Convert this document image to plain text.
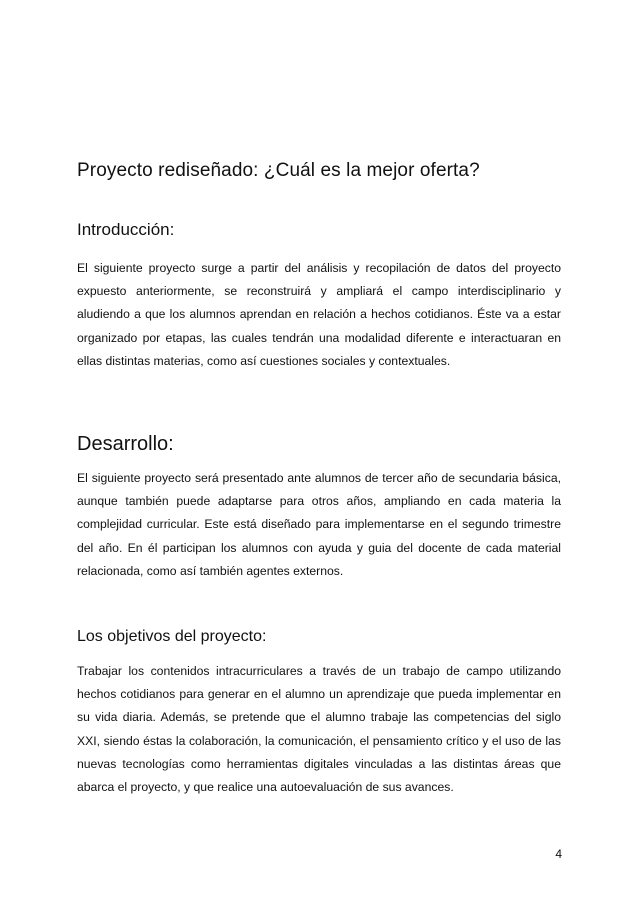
Proyecto rediseñado: ¿Cuál es la mejor oferta?
Introducción:

El siguiente proyecto surge a partir del análisis y recopilación de datos del proyecto expuesto anteriormente, se reconstruirá y ampliará el campo interdisciplinario y aludiendo a que los alumnos aprendan en relación a hechos cotidianos. Éste va a estar organizado por etapas, las cuales tendrán una modalidad diferente e interactuaran en ellas distintas materias, como así cuestiones sociales y contextuales.

Desarrollo:

El siguiente proyecto será presentado ante alumnos de tercer año de secundaria básica, aunque también puede adaptarse para otros años, ampliando en cada materia la complejidad curricular. Este está diseñado para implementarse en el segundo trimestre del año. En él participan los alumnos con ayuda y guia del docente de cada material relacionada, como así también agentes externos.

Los objetivos del proyecto:

Trabajar los contenidos intracurriculares a través de un trabajo de campo utilizando hechos cotidianos para generar en el alumno un aprendizaje que pueda implementar en su vida diaria. Además, se pretende que el alumno trabaje las competencias del siglo XXI, siendo éstas la colaboración, la comunicación, el pensamiento crítico y el uso de las nuevas tecnologías como herramientas digitales vinculadas a las distintas áreas que abarca el proyecto, y que realice una autoevaluación de sus avances.

4
